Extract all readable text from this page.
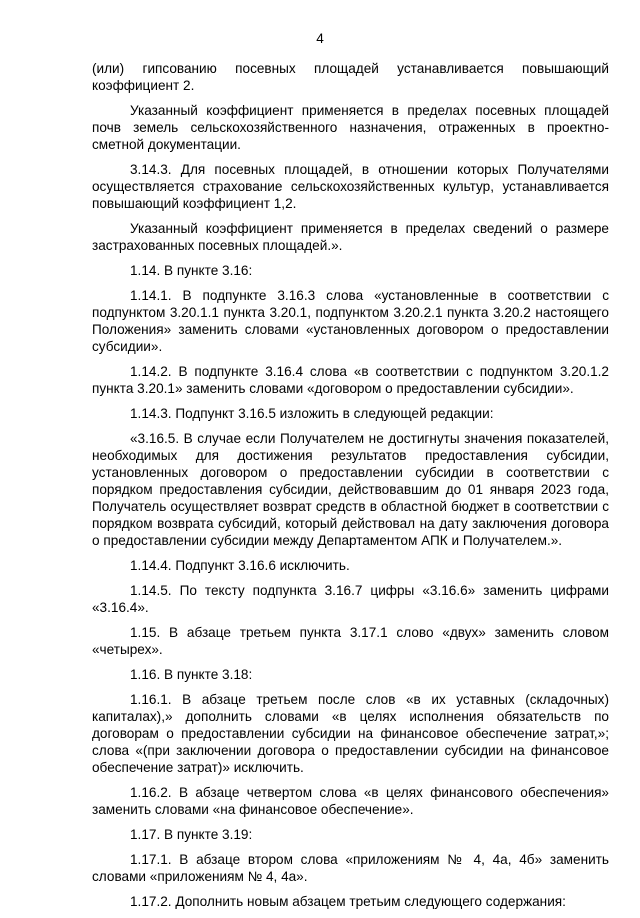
4

(или) гипсованию посевных площадей устанавливается повышающий коэффициент 2.

Указанный коэффициент применяется в пределах посевных площадей почв земель сельскохозяйственного назначения, отраженных в проектно-сметной документации.

3.14.3. Для посевных площадей, в отношении которых Получателями осуществляется страхование сельскохозяйственных культур, устанавливается повышающий коэффициент 1,2.

Указанный коэффициент применяется в пределах сведений о размере застрахованных посевных площадей.».

1.14. В пункте 3.16:

1.14.1. В подпункте 3.16.3 слова «установленные в соответствии с подпунктом 3.20.1.1 пункта 3.20.1, подпунктом 3.20.2.1 пункта 3.20.2 настоящего Положения» заменить словами «установленных договором о предоставлении субсидии».

1.14.2. В подпункте 3.16.4 слова «в соответствии с подпунктом 3.20.1.2 пункта 3.20.1» заменить словами «договором о предоставлении субсидии».

1.14.3. Подпункт 3.16.5 изложить в следующей редакции:

«3.16.5. В случае если Получателем не достигнуты значения показателей, необходимых для достижения результатов предоставления субсидии, установленных договором о предоставлении субсидии в соответствии с порядком предоставления субсидии, действовавшим до 01 января 2023 года, Получатель осуществляет возврат средств в областной бюджет в соответствии с порядком возврата субсидий, который действовал на дату заключения договора о предоставлении субсидии между Департаментом АПК и Получателем.».

1.14.4. Подпункт 3.16.6 исключить.

1.14.5. По тексту подпункта 3.16.7 цифры «3.16.6» заменить цифрами «3.16.4».

1.15. В абзаце третьем пункта 3.17.1 слово «двух» заменить словом «четырех».

1.16. В пункте 3.18:

1.16.1. В абзаце третьем после слов «в их уставных (складочных) капиталах),» дополнить словами «в целях исполнения обязательств по договорам о предоставлении субсидии на финансовое обеспечение затрат,»; слова «(при заключении договора о предоставлении субсидии на финансовое обеспечение затрат)» исключить.

1.16.2. В абзаце четвертом слова «в целях финансового обеспечения» заменить словами «на финансовое обеспечение».

1.17. В пункте 3.19:

1.17.1. В абзаце втором слова «приложениям № 4, 4а, 4б» заменить словами «приложениям № 4, 4а».

1.17.2. Дополнить новым абзацем третьим следующего содержания:
